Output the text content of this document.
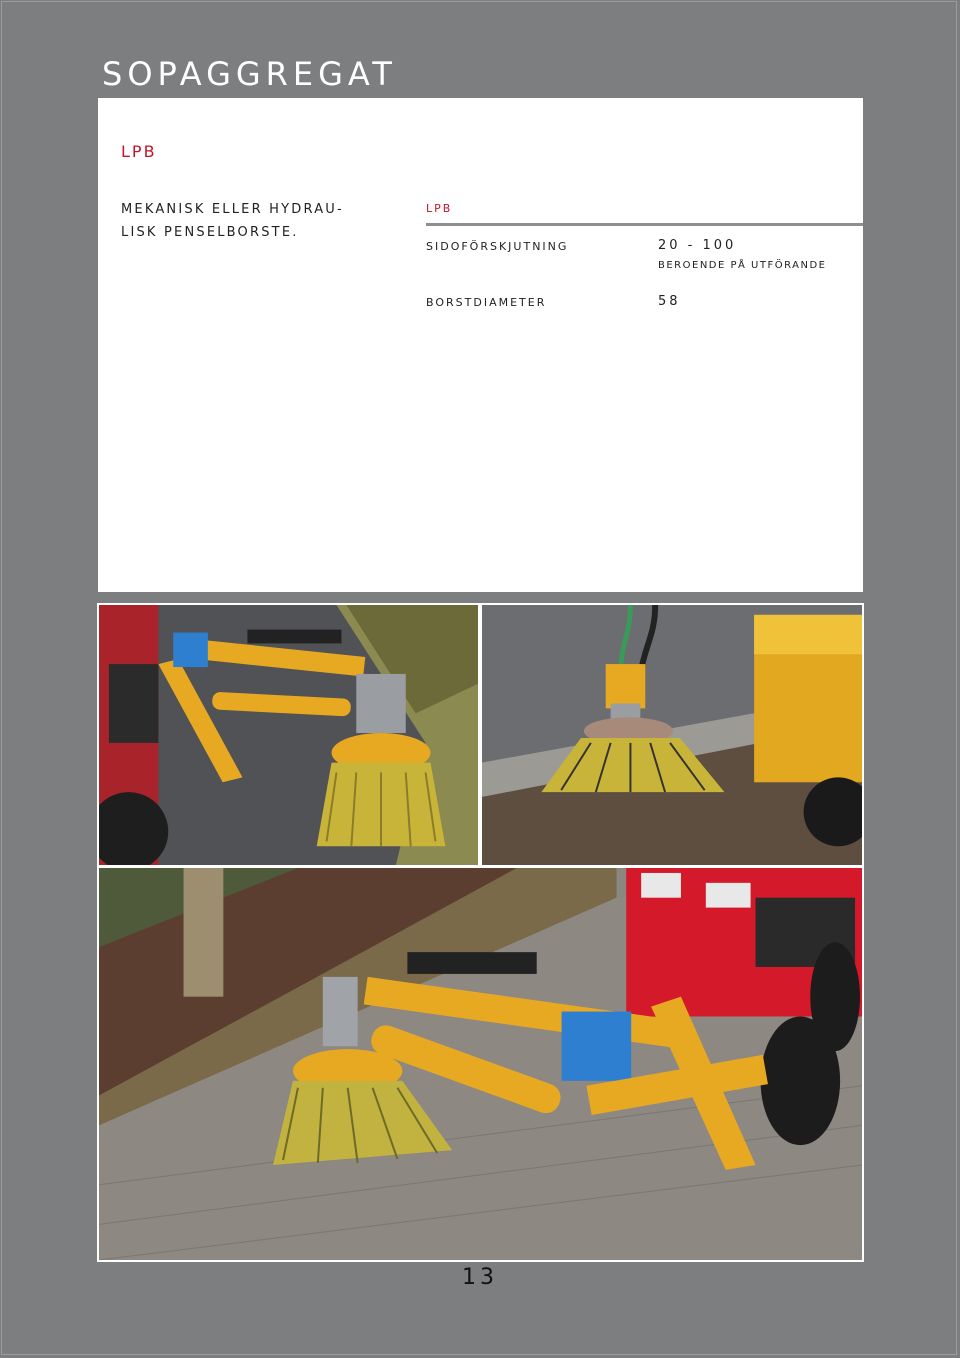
SOPAGGREGAT
LPB
MEKANISK ELLER HYDRAU- LISK PENSELBORSTE.
LPB
SIDOFÖRSKJUTNING	20 - 100
BEROENDE PÅ UTFÖRANDE
BORSTDIAMETER	58
13
